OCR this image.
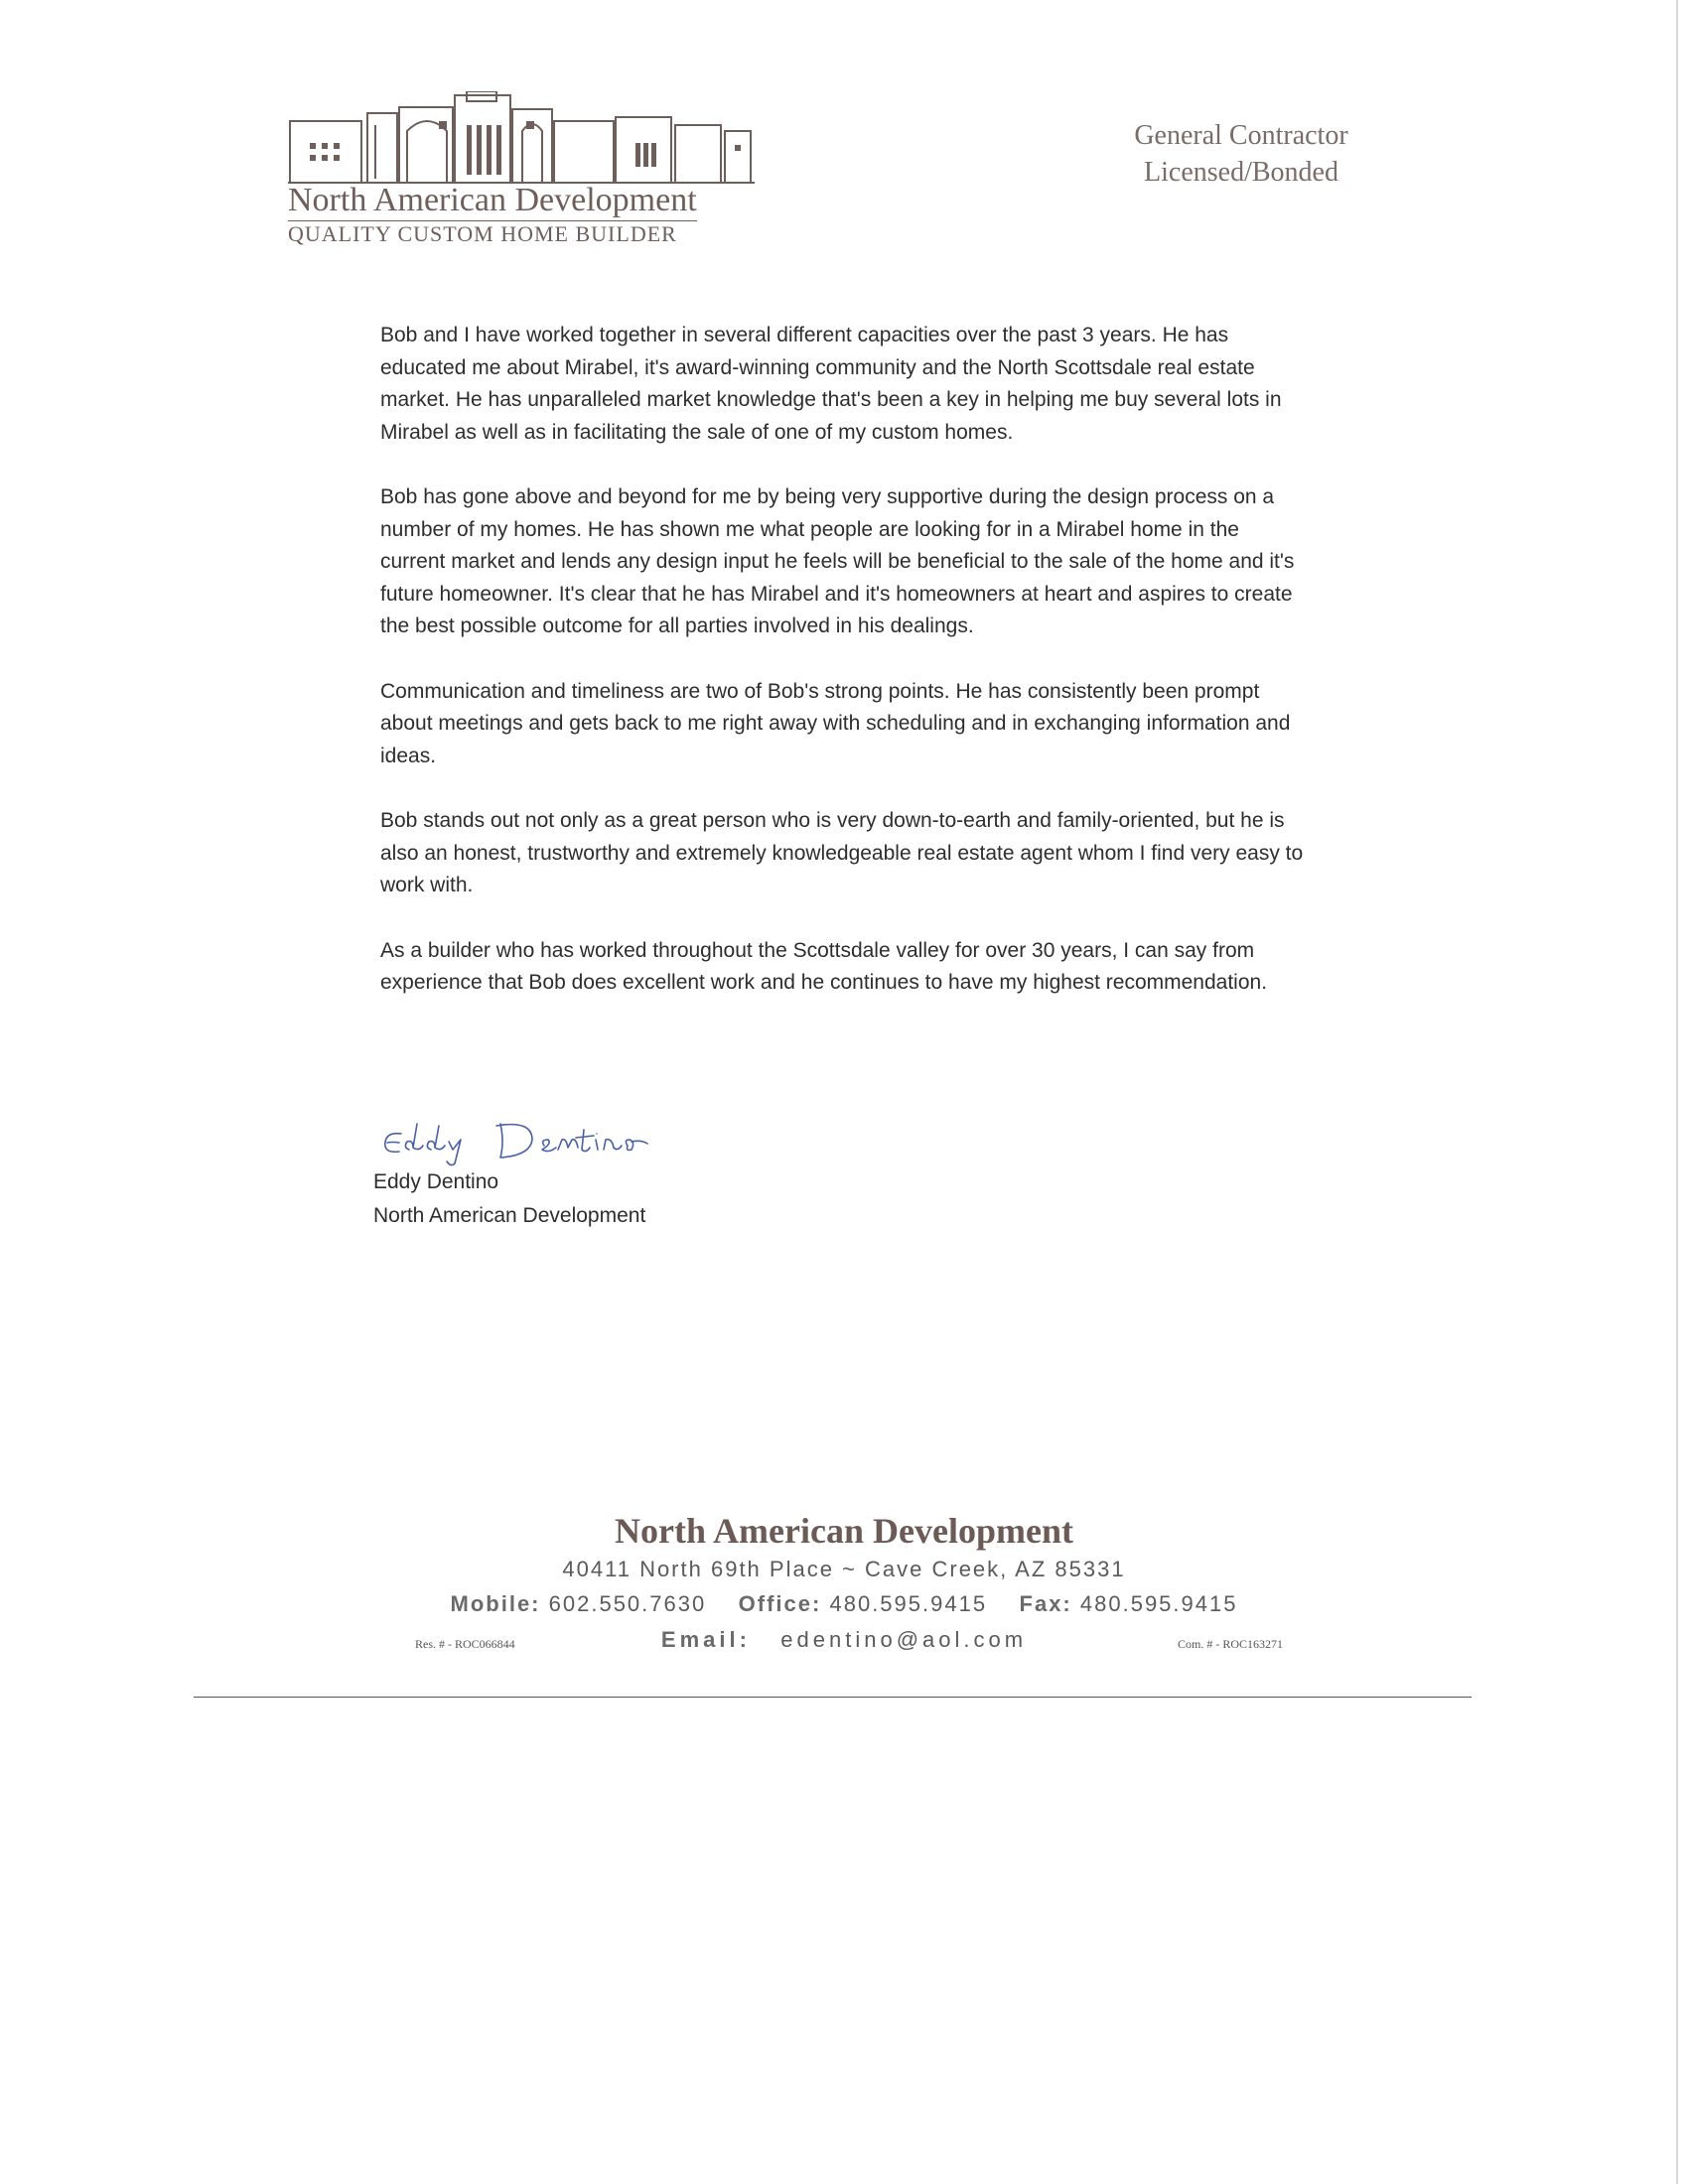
North American Development
QUALITY CUSTOM HOME BUILDER
General Contractor
Licensed/Bonded

Bob and I have worked together in several different capacities over the past 3 years. He has educated me about Mirabel, it's award-winning community and the North Scottsdale real estate market. He has unparalleled market knowledge that's been a key in helping me buy several lots in Mirabel as well as in facilitating the sale of one of my custom homes.

Bob has gone above and beyond for me by being very supportive during the design process on a number of my homes. He has shown me what people are looking for in a Mirabel home in the current market and lends any design input he feels will be beneficial to the sale of the home and it's future homeowner. It's clear that he has Mirabel and it's homeowners at heart and aspires to create the best possible outcome for all parties involved in his dealings.

Communication and timeliness are two of Bob's strong points. He has consistently been prompt about meetings and gets back to me right away with scheduling and in exchanging information and ideas.

Bob stands out not only as a great person who is very down-to-earth and family-oriented, but he is also an honest, trustworthy and extremely knowledgeable real estate agent whom I find very easy to work with.

As a builder who has worked throughout the Scottsdale valley for over 30 years, I can say from experience that Bob does excellent work and he continues to have my highest recommendation.

Eddy Dentino
North American Development
North American Development
40411 North 69th Place ~ Cave Creek, AZ 85331
Mobile: 602.550.7630 Office: 480.595.9415 Fax: 480.595.9415
Res. # - ROC066844	Email: edentino@aol.com	Com. # - ROC163271
